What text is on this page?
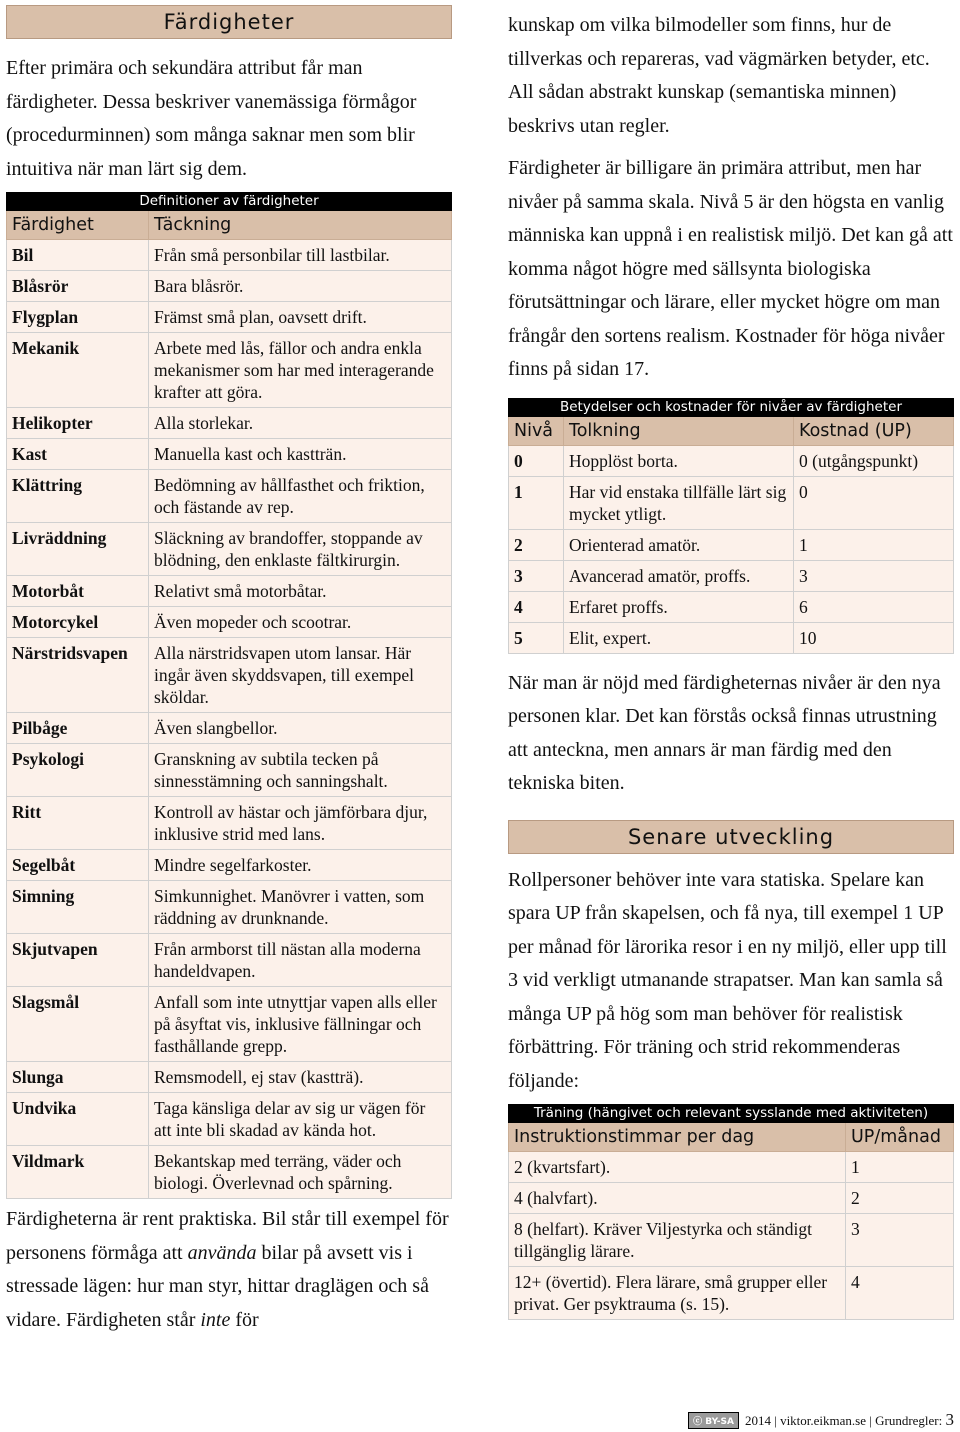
Färdigheter

Efter primära och sekundära attribut får man färdigheter. Dessa beskriver vanemässiga förmågor (procedurminnen) som många saknar men som blir intuitiva när man lärt sig dem.

Definitioner av färdigheter	
Färdighet	Täckning
Bil	Från små personbilar till lastbilar.
Blåsrör	Bara blåsrör.
Flygplan	Främst små plan, oavsett drift.
Mekanik	Arbete med lås, fällor och andra enkla mekanismer som har med interagerande krafter att göra.
Helikopter	Alla storlekar.
Kast	Manuella kast och kastträn.
Klättring	Bedömning av hållfasthet och friktion, och fästande av rep.
Livräddning	Släckning av brandoffer, stoppande av blödning, den enklaste fältkirurgin.
Motorbåt	Relativt små motorbåtar.
Motorcykel	Även mopeder och scootrar.
Närstridsvapen	Alla närstridsvapen utom lansar. Här ingår även skyddsvapen, till exempel sköldar.
Pilbåge	Även slangbellor.
Psykologi	Granskning av subtila tecken på sinnesstämning och sanningshalt.
Ritt	Kontroll av hästar och jämförbara djur, inklusive strid med lans.
Segelbåt	Mindre segelfarkoster.
Simning	Simkunnighet. Manövrer i vatten, som räddning av drunknande.
Skjutvapen	Från armborst till nästan alla moderna handeldvapen.
Slagsmål	Anfall som inte utnyttjar vapen alls eller på åsyftat vis, inklusive fällningar och fasthållande grepp.
Slunga	Remsmodell, ej stav (kastträ).
Undvika	Taga känsliga delar av sig ur vägen för att inte bli skadad av kända hot.
Vildmark	Bekantskap med terräng, väder och biologi. Överlevnad och spårning.

Färdigheterna är rent praktiska. Bil står till exempel för personens förmåga att använda bilar på avsett vis i stressade lägen: hur man styr, hittar draglägen och så vidare. Färdigheten står inte för

kunskap om vilka bilmodeller som finns, hur de tillverkas och repareras, vad vägmärken betyder, etc. All sådan abstrakt kunskap (semantiska minnen) beskrivs utan regler.

Färdigheter är billigare än primära attribut, men har nivåer på samma skala. Nivå 5 är den högsta en vanlig människa kan uppnå i en realistisk miljö. Det kan gå att komma något högre med sällsynta biologiska förutsättningar och lärare, eller mycket högre om man frångår den sortens realism. Kostnader för höga nivåer finns på sidan 17.

Betydelser och kostnader för nivåer av färdigheter		
Nivå	Tolkning	Kostnad (UP)
0	Hopplöst borta.	0 (utgångspunkt)
1	Har vid enstaka tillfälle lärt sig mycket ytligt.	0
2	Orienterad amatör.	1
3	Avancerad amatör, proffs.	3
4	Erfaret proffs.	6
5	Elit, expert.	10

När man är nöjd med färdigheternas nivåer är den nya personen klar. Det kan förstås också finnas utrustning att anteckna, men annars är man färdig med den tekniska biten.

Senare utveckling

Rollpersoner behöver inte vara statiska. Spelare kan spara UP från skapelsen, och få nya, till exempel 1 UP per månad för lärorika resor i en ny miljö, eller upp till 3 vid verkligt utmanande strapatser. Man kan samla så många UP på hög som man behöver för realistisk förbättring. För träning och strid rekommenderas följande:

Träning (hängivet och relevant sysslande med aktiviteten)	
Instruktionstimmar per dag	UP/månad
2 (kvartsfart).	1
4 (halvfart).	2
8 (helfart). Kräver Viljestyrka och ständigt tillgänglig lärare.	3
12+ (övertid). Flera lärare, små grupper eller privat. Ger psyktrauma (s. 15).	4
ⓒ BY-SA 2014 | viktor.eikman.se | Grundregler: 3
